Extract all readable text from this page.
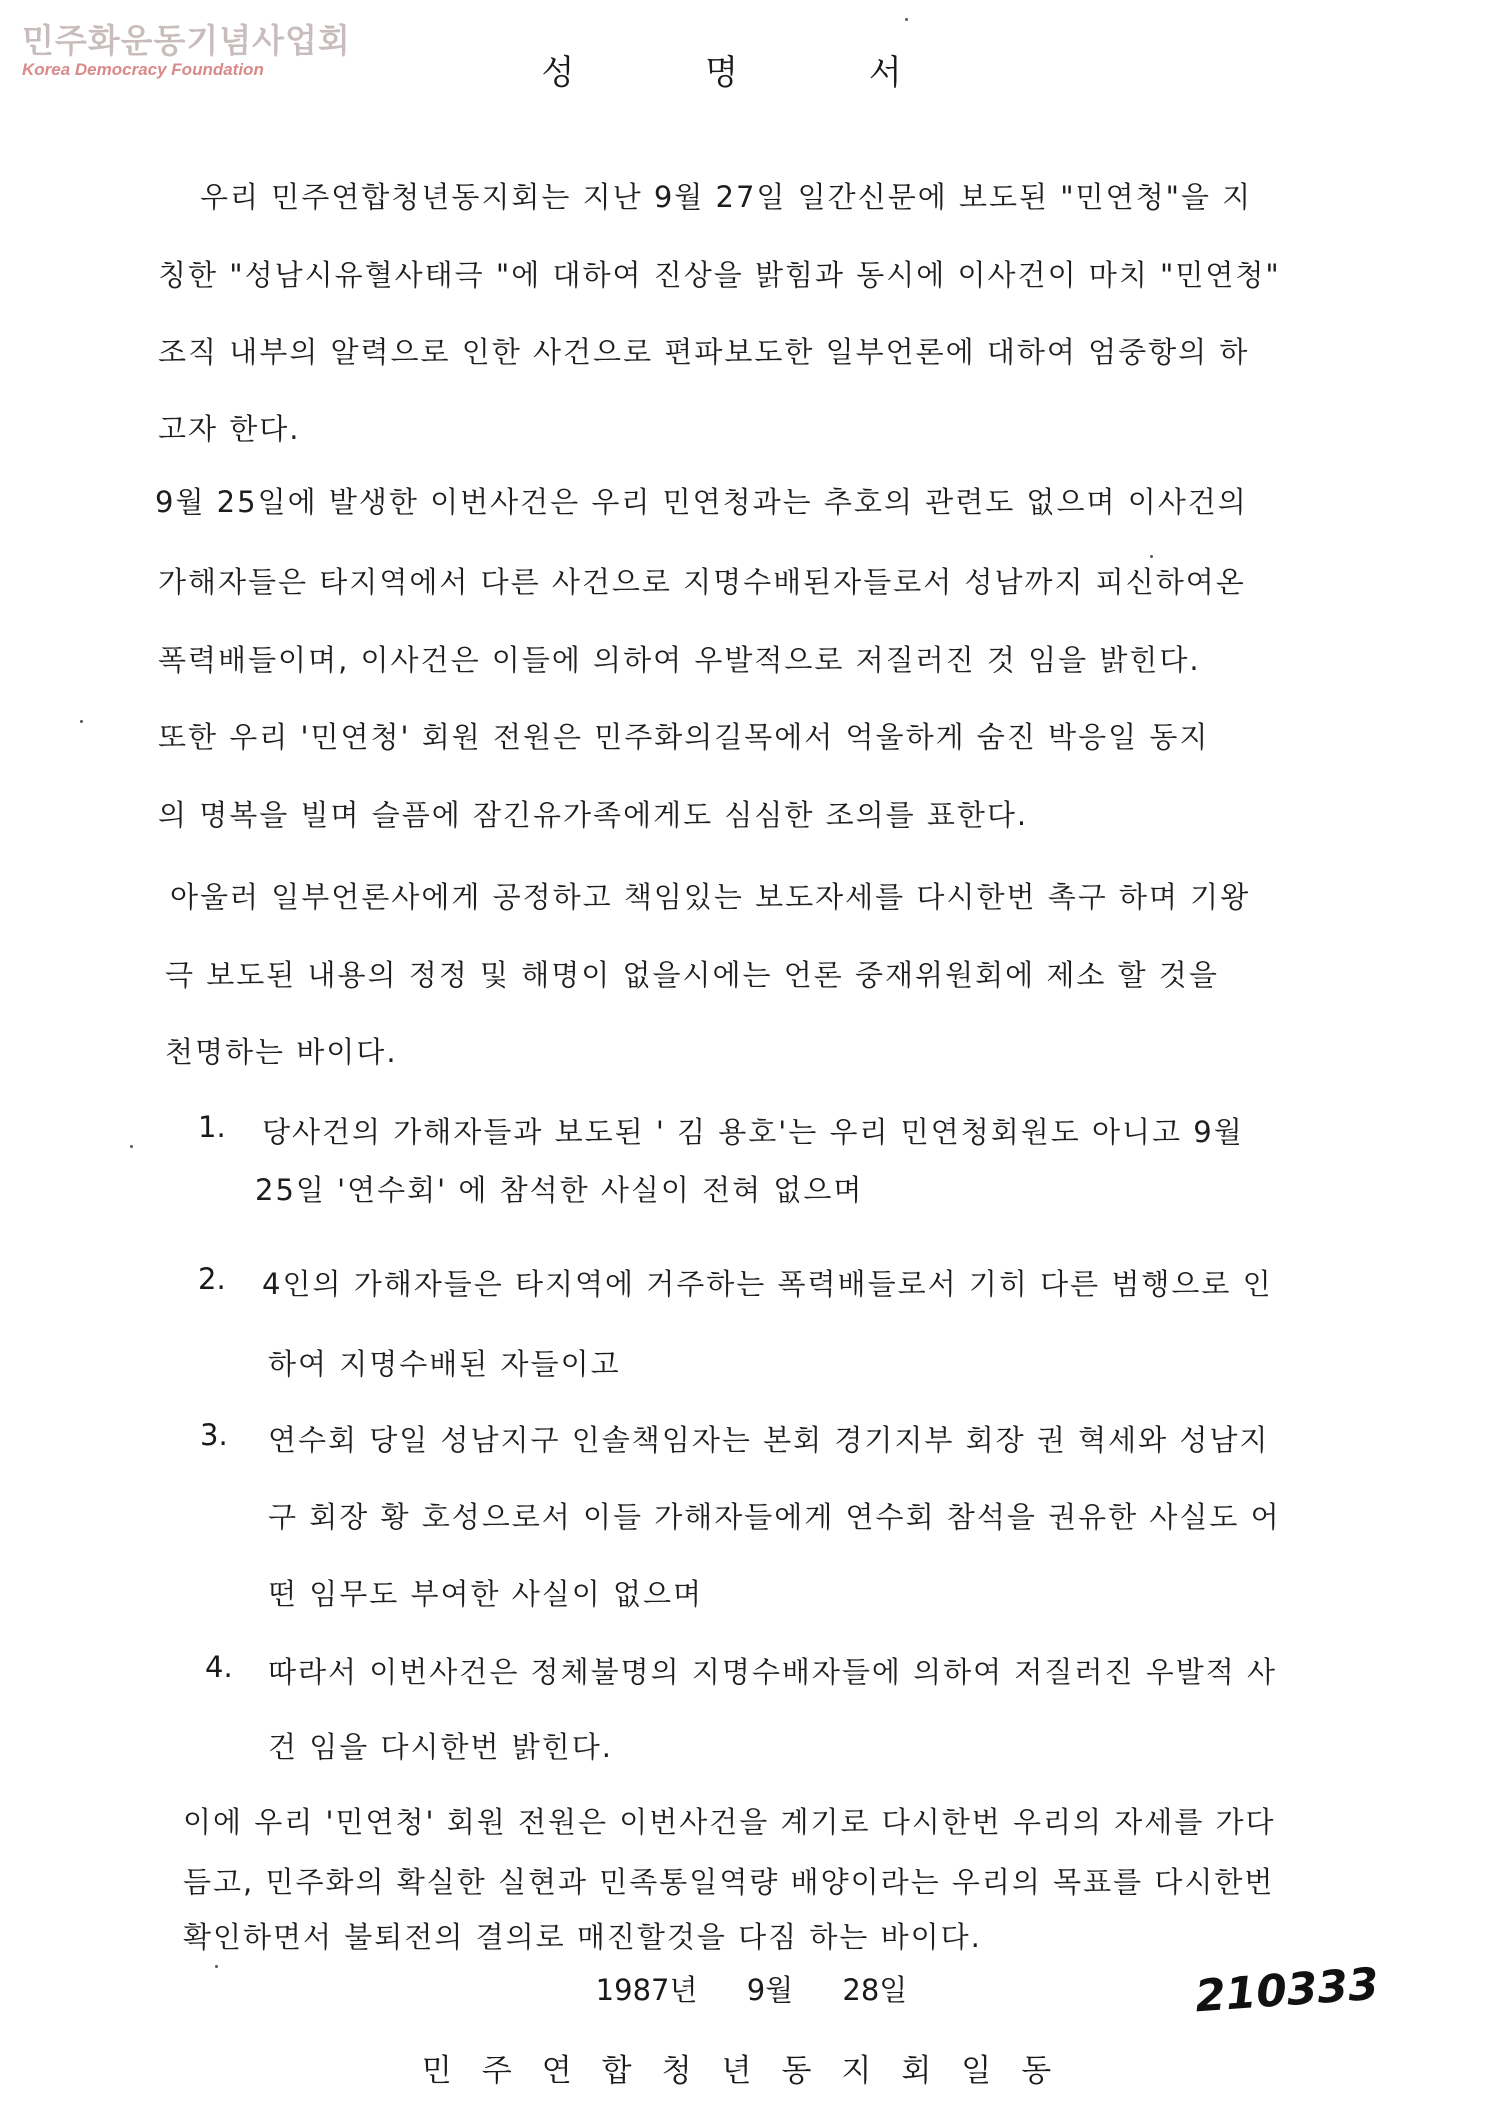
민주화운동기념사업회
Korea Democracy Foundation	성 명 서
우리 민주연합청년동지회는 지난 9월 27일 일간신문에 보도된 "민연청"을 지
칭한 "성남시유혈사태극 "에 대하여 진상을 밝힘과 동시에 이사건이 마치 "민연청"
조직 내부의 알력으로 인한 사건으로 편파보도한 일부언론에 대하여 엄중항의 하
고자 한다.
9월 25일에 발생한 이번사건은 우리 민연청과는 추호의 관련도 없으며 이사건의
가해자들은 타지역에서 다른 사건으로 지명수배된자들로서 성남까지 피신하여온
폭력배들이며, 이사건은 이들에 의하여 우발적으로 저질러진 것 임을 밝힌다.
또한 우리 '민연청' 회원 전원은 민주화의길목에서 억울하게 숨진 박응일 동지
의 명복을 빌며 슬픔에 잠긴유가족에게도 심심한 조의를 표한다.
아울러 일부언론사에게 공정하고 책임있는 보도자세를 다시한번 촉구 하며 기왕
극 보도된 내용의 정정 및 해명이 없을시에는 언론 중재위원회에 제소 할 것을
천명하는 바이다.
1. 당사건의 가해자들과 보도된 ' 김 용호'는 우리 민연청회원도 아니고 9월
25일 '연수회' 에 참석한 사실이 전혀 없으며
2. 4인의 가해자들은 타지역에 거주하는 폭력배들로서 기히 다른 범행으로 인
하여 지명수배된 자들이고
3. 연수회 당일 성남지구 인솔책임자는 본회 경기지부 회장 권 혁세와 성남지
구 회장 황 호성으로서 이들 가해자들에게 연수회 참석을 권유한 사실도 어
떤 임무도 부여한 사실이 없으며
4. 따라서 이번사건은 정체불명의 지명수배자들에 의하여 저질러진 우발적 사
건 임을 다시한번 밝힌다.
이에 우리 '민연청' 회원 전원은 이번사건을 계기로 다시한번 우리의 자세를 가다
듬고, 민주화의 확실한 실현과 민족통일역량 배양이라는 우리의 목표를 다시한번
확인하면서 불퇴전의 결의로 매진할것을 다짐 하는 바이다.
1987년 9월 28일	210333
민주연합청년동지회일동
